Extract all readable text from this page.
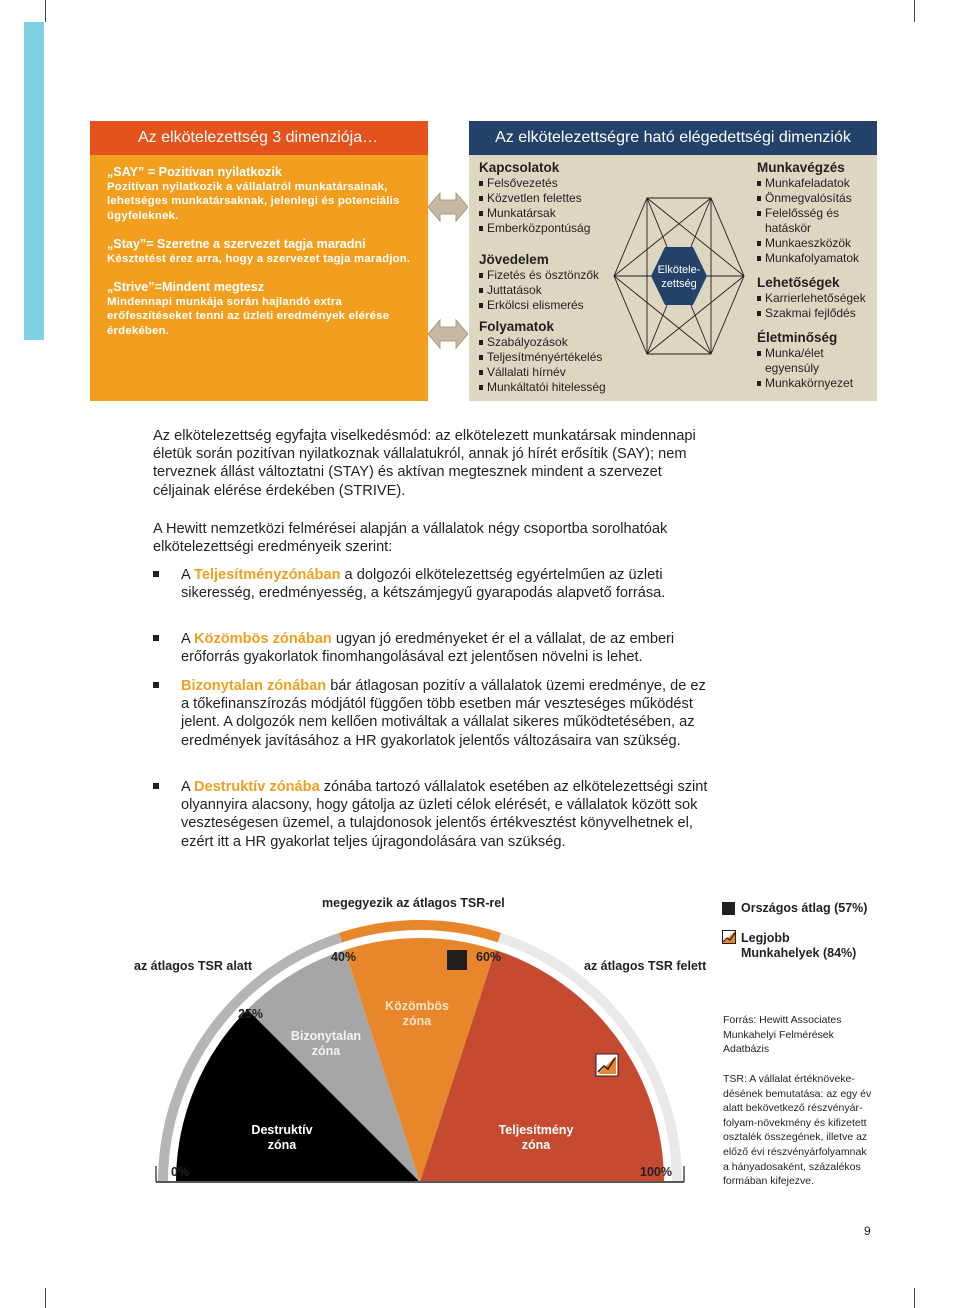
Az elkötelezettség 3 dimenziója…
„SAY” = Pozitívan nyilatkozik
Pozitívan nyilatkozik a vállalatról munkatársainak, lehetséges munkatársaknak, jelenlegi és potenciális ügyfeleknek.
„Stay”= Szeretne a szervezet tagja maradni
Késztetést érez arra, hogy a szervezet tagja maradjon.
„Strive”=Mindent megtesz
Mindennapi munkája során hajlandó extra erőfeszítéseket tenni az üzleti eredmények elérése érdekében.
Az elkötelezettségre ható elégedettségi dimenziók
Kapcsolatok
Felsővezetés
Közvetlen felettes
Munkatársak
Emberközpontúság
Jövedelem
Fizetés és ösztönzők
Juttatások
Erkölcsi elismerés
Folyamatok
Szabályozások
Teljesítményértékelés
Vállalati hírnév
Munkáltatói hitelesség
Elkötele-
zettség
Munkavégzés
Munkafeladatok
Önmegvalósítás
Felelősség és
hatáskör
Munkaeszközök
Munkafolyamatok
Lehetőségek
Karrierlehetőségek
Szakmai fejlődés
Életminőség
Munka/élet
egyensúly
Munkakörnyezet
Az elkötelezettség egyfajta viselkedésmód: az elkötelezett munkatársak mindennapi életük során pozitívan nyilatkoznak vállalatukról, annak jó hírét erősítik (SAY); nem terveznek állást változtatni (STAY) és aktívan megtesznek mindent a szervezet céljainak elérése érdekében (STRIVE).
A Hewitt nemzetközi felmérései alapján a vállalatok négy csoportba sorolhatóak elkötelezettségi eredményeik szerint:
A Teljesítményzónában a dolgozói elkötelezettség egyértelműen az üzleti sikeresség, eredményesség, a kétszámjegyű gyarapodás alapvető forrása.
A Közömbös zónában ugyan jó eredményeket ér el a vállalat, de az emberi erőforrás gyakorlatok finomhangolásával ezt jelentősen növelni is lehet.
Bizonytalan zónában bár átlagosan pozitív a vállalatok üzemi eredménye, de ez a tőkefinanszírozás módjától függően több esetben már veszteséges működést jelent. A dolgozók nem kellően motiváltak a vállalat sikeres működtetésében, az eredmények javításához a HR gyakorlatok jelentős változásaira van szükség.
A Destruktív zónába zónába tartozó vállalatok esetében az elkötelezettségi szint olyannyira alacsony, hogy gátolja az üzleti célok elérését, e vállalatok között sok veszteségesen üzemel, a tulajdonosok jelentős értékvesztést könyvelhetnek el, ezért itt a HR gyakorlat teljes újragondolására van szükség.
megegyezik az átlagos TSR-rel
az átlagos TSR alatt	az átlagos TSR felett
40%	60%
25%
0%	100%
Bizonytalan
zóna
Közömbös
zóna
Destruktív
zóna
Teljesítmény
zóna
Országos átlag (57%)
Legjobb
Munkahelyek (84%)
Forrás: Hewitt Associates
Munkahelyi Felmérések
Adatbázis
TSR: A vállalat értéknöveke-
désének bemutatása: az egy év
alatt bekövetkező részvényár-
folyam-növekmény és kifizetett
osztalék összegének, illetve az
előző évi részvényárfolyamnak
a hányadosaként, százalékos
formában kifejezve.
9
